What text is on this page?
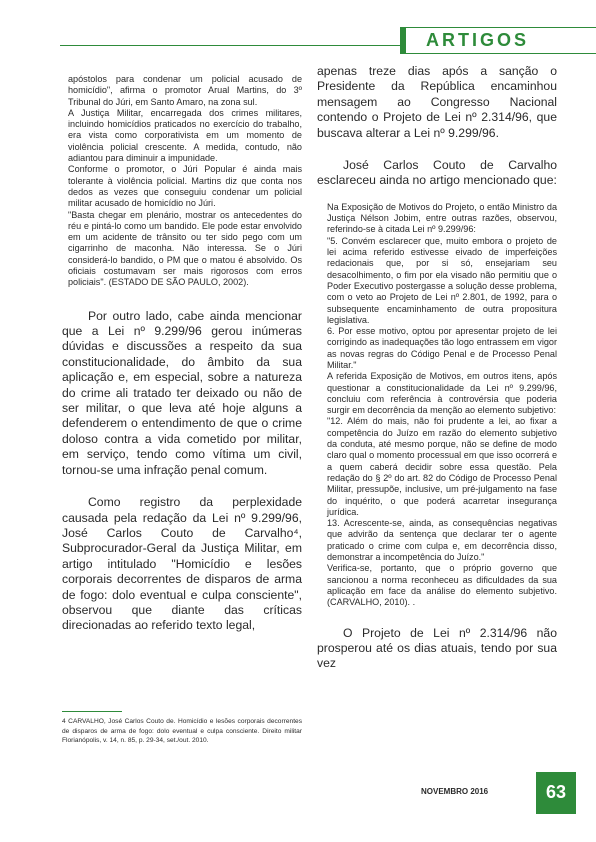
ARTIGOS

apóstolos para condenar um policial acusado de homicídio", afirma o promotor Arual Martins, do 3º Tribunal do Júri, em Santo Amaro, na zona sul.

A Justiça Militar, encarregada dos crimes militares, incluindo homicídios praticados no exercício do trabalho, era vista como corporativista em um momento de violência policial crescente. A medida, contudo, não adiantou para diminuir a impunidade.

Conforme o promotor, o Júri Popular é ainda mais tolerante à violência policial. Martins diz que conta nos dedos as vezes que conseguiu condenar um policial militar acusado de homicídio no Júri.

"Basta chegar em plenário, mostrar os antecedentes do réu e pintá-lo como um bandido. Ele pode estar envolvido em um acidente de trânsito ou ter sido pego com um cigarrinho de maconha. Não interessa. Se o Júri considerá-lo bandido, o PM que o matou é absolvido. Os oficiais costumavam ser mais rigorosos com erros policiais". (ESTADO DE SÃO PAULO, 2002).

Por outro lado, cabe ainda mencionar que a Lei nº 9.299/96 gerou inúmeras dúvidas e discussões a respeito da sua constitucionalidade, do âmbito da sua aplicação e, em especial, sobre a natureza do crime ali tratado ter deixado ou não de ser militar, o que leva até hoje alguns a defenderem o entendimento de que o crime doloso contra a vida cometido por militar, em serviço, tendo como vítima um civil, tornou-se uma infração penal comum.

Como registro da perplexidade causada pela redação da Lei nº 9.299/96, José Carlos Couto de Carvalho⁴, Subprocurador-Geral da Justiça Militar, em artigo intitulado "Homicídio e lesões corporais decorrentes de disparos de arma de fogo: dolo eventual e culpa consciente", observou que diante das críticas direcionadas ao referido texto legal,

apenas treze dias após a sanção o Presidente da República encaminhou mensagem ao Congresso Nacional contendo o Projeto de Lei nº 2.314/96, que buscava alterar a Lei nº 9.299/96.

José Carlos Couto de Carvalho esclareceu ainda no artigo mencionado que:

Na Exposição de Motivos do Projeto, o então Ministro da Justiça Nélson Jobim, entre outras razões, observou, referindo-se à citada Lei nº 9.299/96:

"5. Convém esclarecer que, muito embora o projeto de lei acima referido estivesse eivado de imperfeições redacionais que, por si só, ensejariam seu desacolhimento, o fim por ela visado não permitiu que o Poder Executivo postergasse a solução desse problema, com o veto ao Projeto de Lei nº 2.801, de 1992, para o subsequente encaminhamento de outra propositura legislativa.

6. Por esse motivo, optou por apresentar projeto de lei corrigindo as inadequações tão logo entrassem em vigor as novas regras do Código Penal e de Processo Penal Militar."

A referida Exposição de Motivos, em outros itens, após questionar a constitucionalidade da Lei nº 9.299/96, concluiu com referência à controvérsia que poderia surgir em decorrência da menção ao elemento subjetivo:

"12. Além do mais, não foi prudente a lei, ao fixar a competência do Juízo em razão do elemento subjetivo da conduta, até mesmo porque, não se define de modo claro qual o momento processual em que isso ocorrerá e a quem caberá decidir sobre essa questão. Pela redação do § 2º do art. 82 do Código de Processo Penal Militar, pressupõe, inclusive, um pré-julgamento na fase do inquérito, o que poderá acarretar insegurança jurídica.

13. Acrescente-se, ainda, as consequências negativas que advirão da sentença que declarar ter o agente praticado o crime com culpa e, em decorrência disso, demonstrar a incompetência do Juízo."

Verifica-se, portanto, que o próprio governo que sancionou a norma reconheceu as dificuldades da sua aplicação em face da análise do elemento subjetivo. (CARVALHO, 2010). .

O Projeto de Lei nº 2.314/96 não prosperou até os dias atuais, tendo por sua vez

4 CARVALHO, José Carlos Couto de. Homicídio e lesões corporais decorrentes de disparos de arma de fogo: dolo eventual e culpa consciente. Direito militar Florianópolis, v. 14, n. 85, p. 29-34, set./out. 2010.

NOVEMBRO 2016	63
